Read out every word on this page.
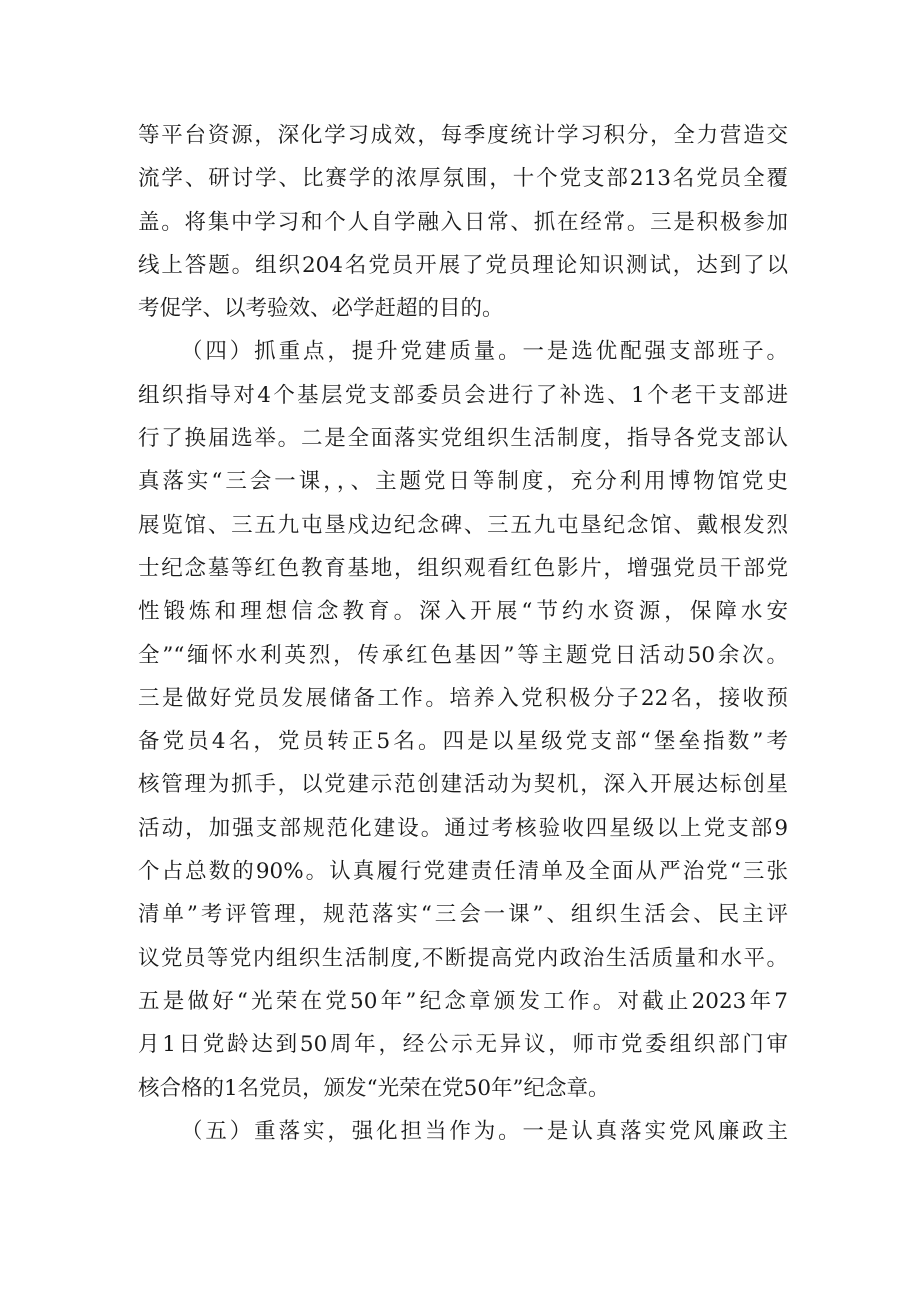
等平台资源，深化学习成效，每季度统计学习积分，全力营造交
流学、研讨学、比赛学的浓厚氛围，十个党支部213名党员全覆
盖。将集中学习和个人自学融入日常、抓在经常。三是积极参加
线上答题。组织204名党员开展了党员理论知识测试，达到了以
考促学、以考验效、必学赶超的目的。
（四）抓重点，提升党建质量。一是选优配强支部班子。
组织指导对4个基层党支部委员会进行了补选、1个老干支部进
行了换届选举。二是全面落实党组织生活制度，指导各党支部认
真落实“三会一课，，、主题党日等制度，充分利用博物馆党史
展览馆、三五九屯垦戍边纪念碑、三五九屯垦纪念馆、戴根发烈
士纪念墓等红色教育基地，组织观看红色影片，增强党员干部党
性锻炼和理想信念教育。深入开展“节约水资源，保障水安
全”“缅怀水利英烈，传承红色基因”等主题党日活动50余次。
三是做好党员发展储备工作。培养入党积极分子22名，接收预
备党员4名，党员转正5名。四是以星级党支部“堡垒指数”考
核管理为抓手，以党建示范创建活动为契机，深入开展达标创星
活动，加强支部规范化建设。通过考核验收四星级以上党支部9
个占总数的90%。认真履行党建责任清单及全面从严治党“三张
清单”考评管理，规范落实“三会一课”、组织生活会、民主评
议党员等党内组织生活制度,不断提高党内政治生活质量和水平。
五是做好“光荣在党50年”纪念章颁发工作。对截止2023年7
月1日党龄达到50周年，经公示无异议，师市党委组织部门审
核合格的1名党员，颁发“光荣在党50年”纪念章。
（五）重落实，强化担当作为。一是认真落实党风廉政主
